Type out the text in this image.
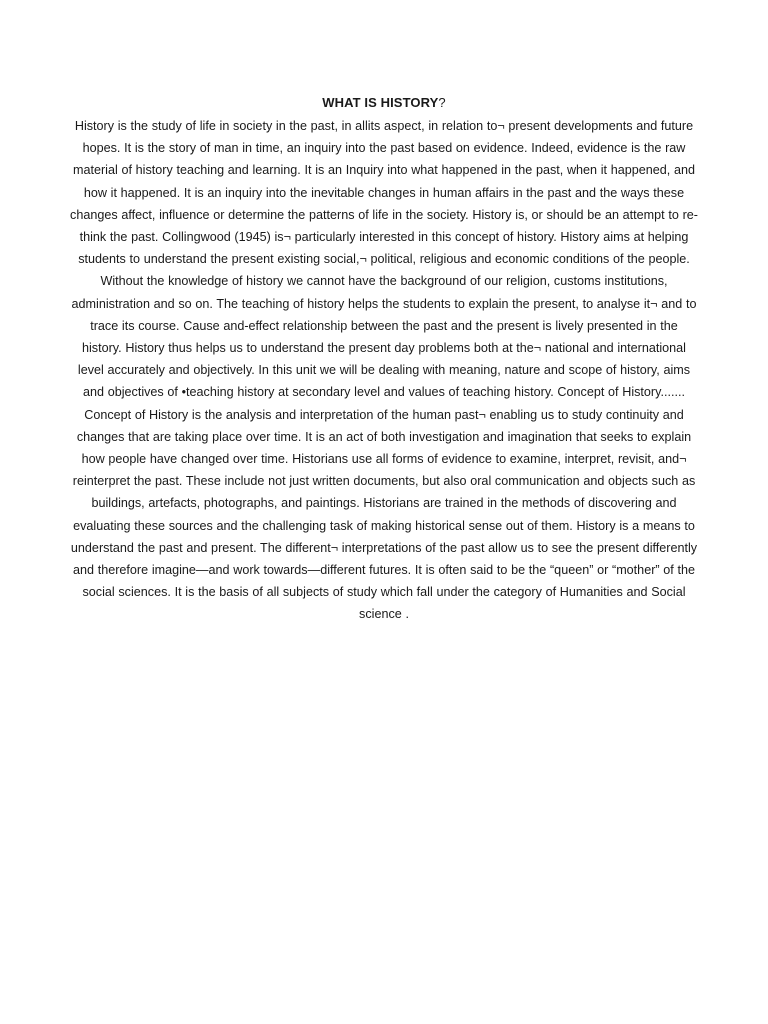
WHAT IS HISTORY?

History is the study of life in society in the past, in allits aspect, in relation to¬ present developments and future hopes. It is the story of man in time, an inquiry into the past based on evidence. Indeed, evidence is the raw material of history teaching and learning. It is an Inquiry into what happened in the past, when it happened, and how it happened. It is an inquiry into the inevitable changes in human affairs in the past and the ways these changes affect, influence or determine the patterns of life in the society. History is, or should be an attempt to re-think the past. Collingwood (1945) is¬ particularly interested in this concept of history. History aims at helping students to understand the present existing social,¬ political, religious and economic conditions of the people. Without the knowledge of history we cannot have the background of our religion, customs institutions, administration and so on. The teaching of history helps the students to explain the present, to analyse it¬ and to trace its course. Cause and-effect relationship between the past and the present is lively presented in the history. History thus helps us to understand the present day problems both at the¬ national and international level accurately and objectively. In this unit we will be dealing with meaning, nature and scope of history, aims and objectives of •teaching history at secondary level and values of teaching history. Concept of History....... Concept of History is the analysis and interpretation of the human past¬ enabling us to study continuity and changes that are taking place over time. It is an act of both investigation and imagination that seeks to explain how people have changed over time. Historians use all forms of evidence to examine, interpret, revisit, and¬ reinterpret the past. These include not just written documents, but also oral communication and objects such as buildings, artefacts, photographs, and paintings. Historians are trained in the methods of discovering and evaluating these sources and the challenging task of making historical sense out of them. History is a means to understand the past and present. The different¬ interpretations of the past allow us to see the present differently and therefore imagine—and work towards—different futures. It is often said to be the “queen” or “mother” of the social sciences. It is the basis of all subjects of study which fall under the category of Humanities and Social science .
